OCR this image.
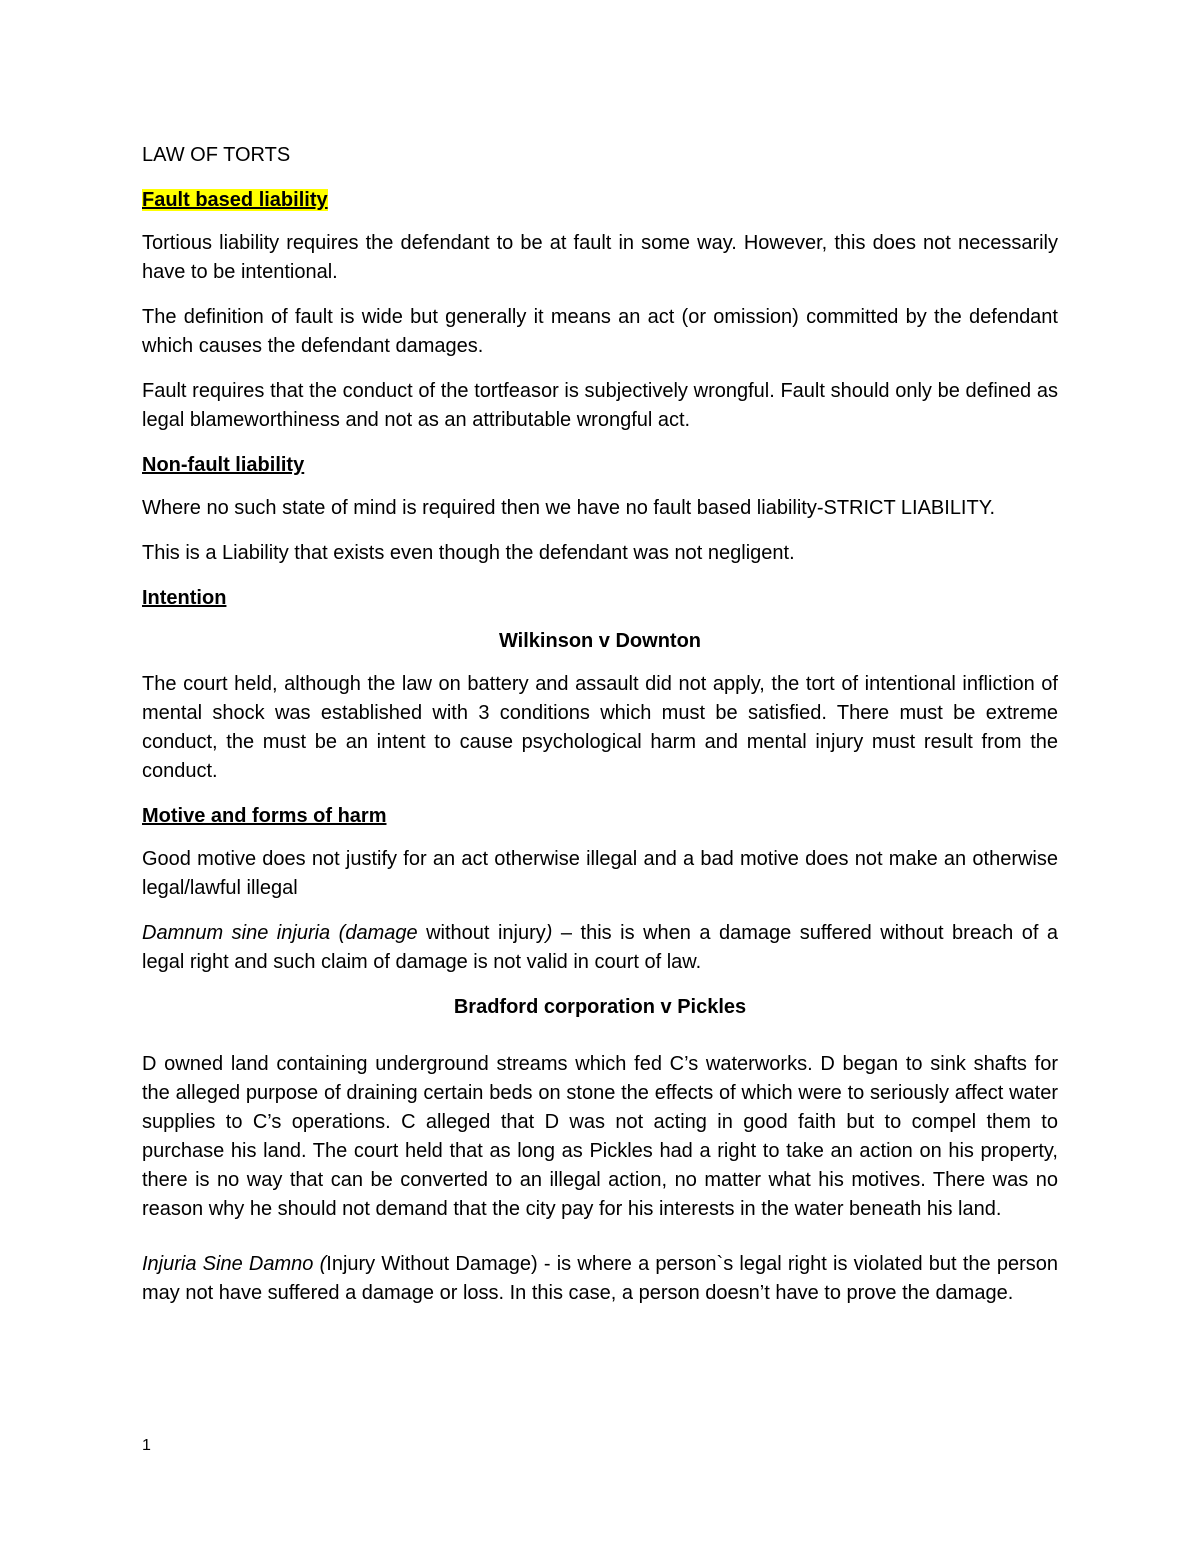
LAW OF TORTS
Fault based liability
Tortious liability requires the defendant to be at fault in some way. However, this does not necessarily have to be intentional.
The definition of fault is wide but generally it means an act (or omission) committed by the defendant which causes the defendant damages.
Fault requires that the conduct of the tortfeasor is subjectively wrongful. Fault should only be defined as legal blameworthiness and not as an attributable wrongful act.
Non-fault liability
Where no such state of mind is required then we have no fault based liability-STRICT LIABILITY.
This is a Liability that exists even though the defendant was not negligent.
Intention
Wilkinson v Downton
The court held, although the law on battery and assault did not apply, the tort of intentional infliction of mental shock was established with 3 conditions which must be satisfied. There must be extreme conduct, the must be an intent to cause psychological harm and mental injury must result from the conduct.
Motive and forms of harm
Good motive does not justify for an act otherwise illegal and a bad motive does not make an otherwise legal/lawful illegal
Damnum sine injuria (damage without injury) – this is when a damage suffered without breach of a legal right and such claim of damage is not valid in court of law.
Bradford corporation v Pickles
D owned land containing underground streams which fed C’s waterworks. D began to sink shafts for the alleged purpose of draining certain beds on stone the effects of which were to seriously affect water supplies to C’s operations. C alleged that D was not acting in good faith but to compel them to purchase his land. The court held that as long as Pickles had a right to take an action on his property, there is no way that can be converted to an illegal action, no matter what his motives. There was no reason why he should not demand that the city pay for his interests in the water beneath his land.
Injuria Sine Damno (Injury Without Damage) - is where a person`s legal right is violated but the person may not have suffered a damage or loss. In this case, a person doesn’t have to prove the damage.
1
